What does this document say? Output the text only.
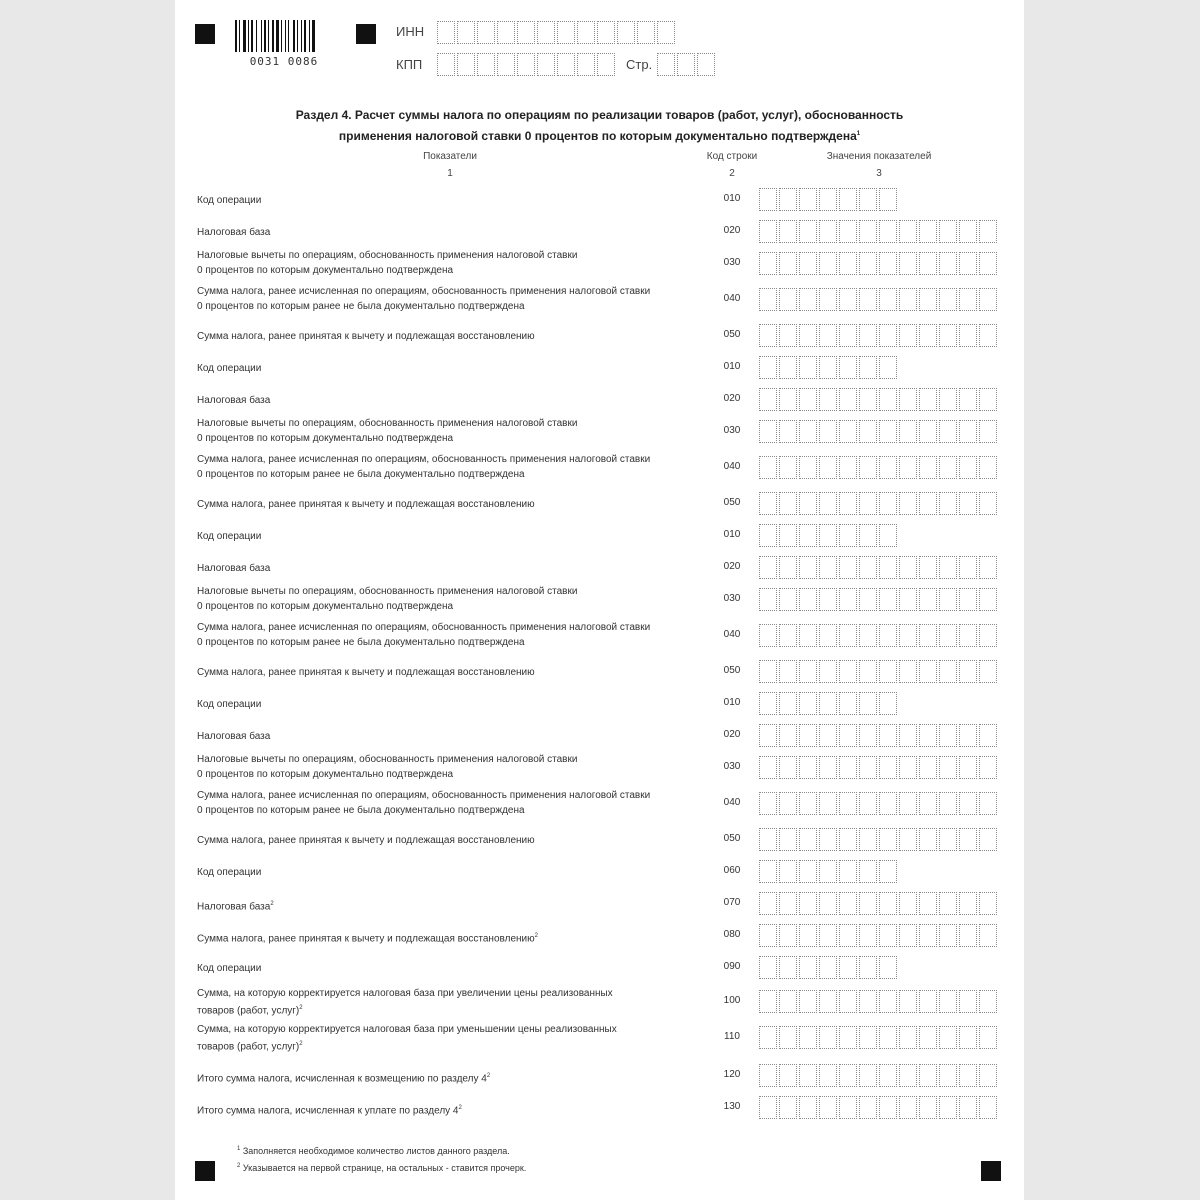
0031 0086
ИНН
КПП	Стр.
Раздел 4. Расчет суммы налога по операциям по реализации товаров (работ, услуг), обоснованность
применения налоговой ставки 0 процентов по которым документально подтверждена$^1$
Показатели
1
Код строки
2
Значения показателей
3
Код операции	010
Налоговая база	020
Налоговые вычеты по операциям, обоснованность применения налоговой ставки
0 процентов по которым документально подтверждена
030
Сумма налога, ранее исчисленная по операциям, обоснованность применения налоговой ставки
0 процентов по которым ранее не была документально подтверждена
040
Сумма налога, ранее принятая к вычету и подлежащая восстановлению	050
Код операции	010
Налоговая база	020
Налоговые вычеты по операциям, обоснованность применения налоговой ставки
0 процентов по которым документально подтверждена
030
Сумма налога, ранее исчисленная по операциям, обоснованность применения налоговой ставки
0 процентов по которым ранее не была документально подтверждена
040
Сумма налога, ранее принятая к вычету и подлежащая восстановлению	050
Код операции	010
Налоговая база	020
Налоговые вычеты по операциям, обоснованность применения налоговой ставки
0 процентов по которым документально подтверждена
030
Сумма налога, ранее исчисленная по операциям, обоснованность применения налоговой ставки
0 процентов по которым ранее не была документально подтверждена
040
Сумма налога, ранее принятая к вычету и подлежащая восстановлению	050
Код операции	010
Налоговая база	020
Налоговые вычеты по операциям, обоснованность применения налоговой ставки
0 процентов по которым документально подтверждена
030
Сумма налога, ранее исчисленная по операциям, обоснованность применения налоговой ставки
0 процентов по которым ранее не была документально подтверждена
040
Сумма налога, ранее принятая к вычету и подлежащая восстановлению	050
Код операции	060
Налоговая база$^2$	070
Сумма налога, ранее принятая к вычету и подлежащая восстановлению$^2$	080
Код операции	090
Сумма, на которую корректируется налоговая база при увеличении цены реализованных
товаров (работ, услуг)$^2$
100
Сумма, на которую корректируется налоговая база при уменьшении цены реализованных
товаров (работ, услуг)$^2$
110
Итого сумма налога, исчисленная к возмещению по разделу $4^2$	120
Итого сумма налога, исчисленная к уплате по разделу $4^2$	130
$^1$ Заполняется необходимое количество листов данного раздела.
$^2$ Указывается на первой странице, на остальных - ставится прочерк.
